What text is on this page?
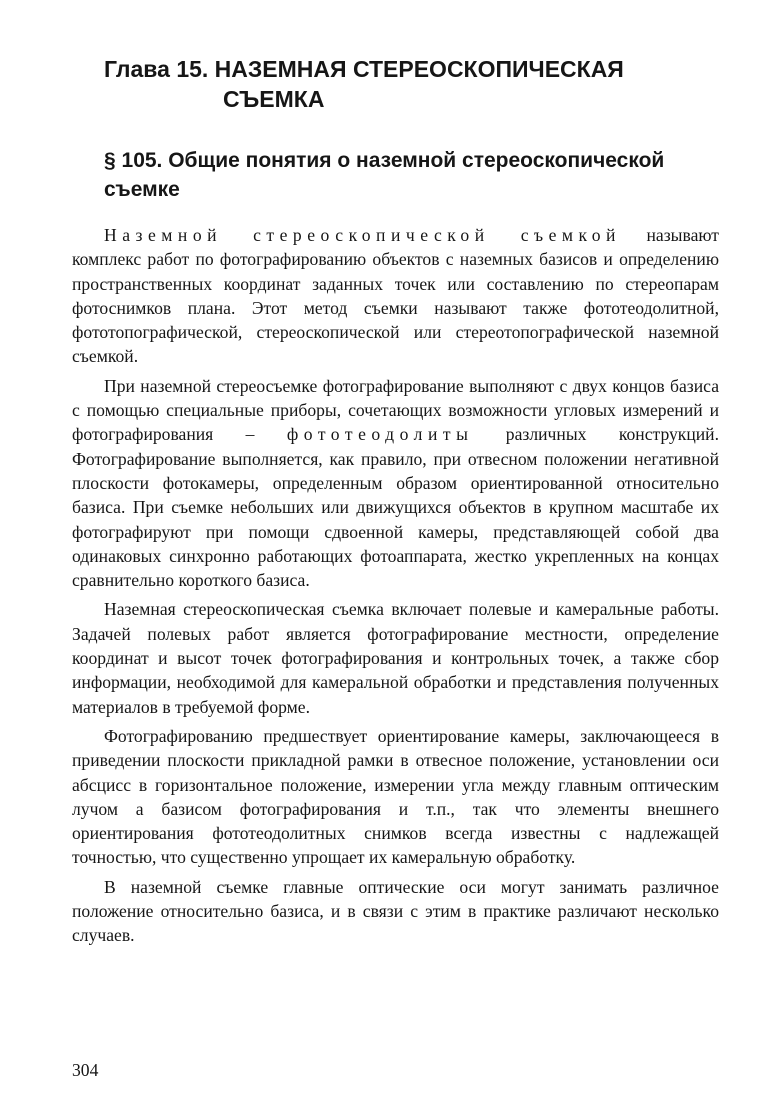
Глава 15. НАЗЕМНАЯ СТЕРЕОСКОПИЧЕСКАЯ
СЪЕМКА
§ 105. Общие понятия о наземной стереоскопической съемке

Наземной стереоскопической съемкой называют комплекс работ по фотографированию объектов с наземных базисов и определению пространственных координат заданных точек или составлению по стереопарам фотоснимков плана. Этот метод съемки называют также фототеодолитной, фототопографической, стереоскопической или стереотопографической наземной съемкой.

При наземной стереосъемке фотографирование выполняют с двух концов базиса с помощью специальные приборы, сочетающих возможности угловых измерений и фотографирования – фототеодолиты различных конструкций. Фотографирование выполняется, как правило, при отвесном положении негативной плоскости фотокамеры, определенным образом ориентированной относительно базиса. При съемке небольших или движущихся объектов в крупном масштабе их фотографируют при помощи сдвоенной камеры, представляющей собой два одинаковых синхронно работающих фотоаппарата, жестко укрепленных на концах сравнительно короткого базиса.

Наземная стереоскопическая съемка включает полевые и камеральные работы. Задачей полевых работ является фотографирование местности, определение координат и высот точек фотографирования и контрольных точек, а также сбор информации, необходимой для камеральной обработки и представления полученных материалов в требуемой форме.

Фотографированию предшествует ориентирование камеры, заключающееся в приведении плоскости прикладной рамки в отвесное положение, установлении оси абсцисс в горизонтальное положение, измерении угла между главным оптическим лучом а базисом фотографирования и т.п., так что элементы внешнего ориентирования фототеодолитных снимков всегда известны с надлежащей точностью, что существенно упрощает их камеральную обработку.

В наземной съемке главные оптические оси могут занимать различное положение относительно базиса, и в связи с этим в практике различают несколько случаев.

304
